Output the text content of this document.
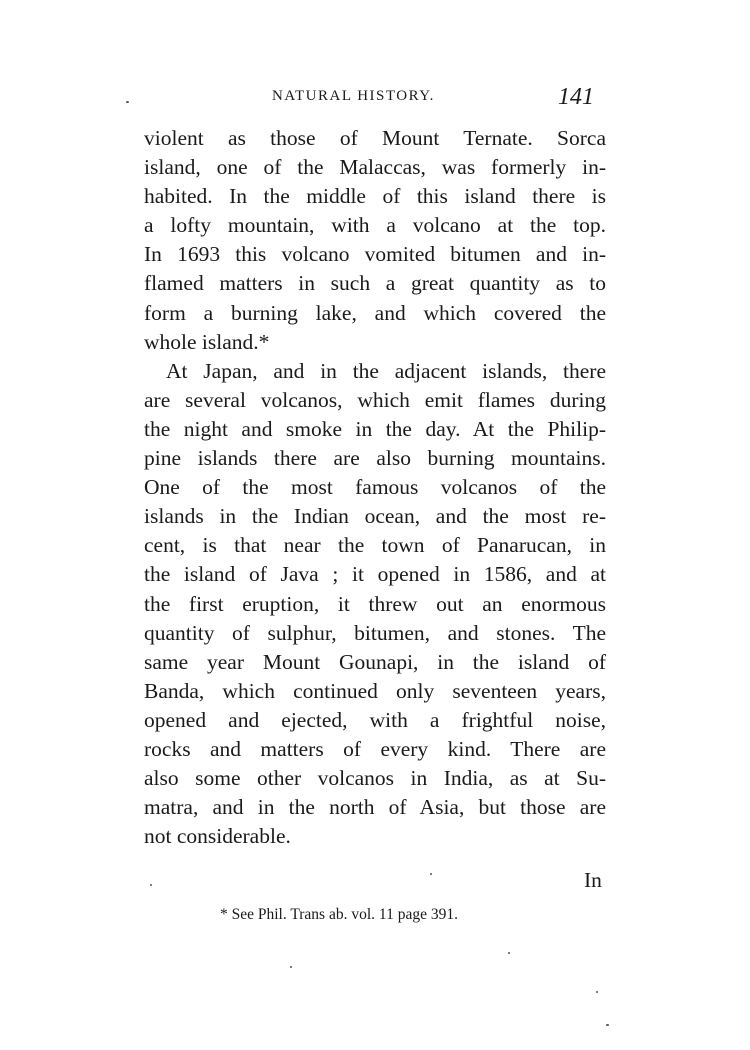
NATURAL HISTORY.	141
violent as those of Mount Ternate. Sorca
island, one of the Malaccas, was formerly in-
habited. In the middle of this island there is
a lofty mountain, with a volcano at the top.
In 1693 this volcano vomited bitumen and in-
flamed matters in such a great quantity as to
form a burning lake, and which covered the
whole island.*
At Japan, and in the adjacent islands, there
are several volcanos, which emit flames during
the night and smoke in the day. At the Philip-
pine islands there are also burning mountains.
One of the most famous volcanos of the
islands in the Indian ocean, and the most re-
cent, is that near the town of Panarucan, in
the island of Java ; it opened in 1586, and at
the first eruption, it threw out an enormous
quantity of sulphur, bitumen, and stones. The
same year Mount Gounapi, in the island of
Banda, which continued only seventeen years,
opened and ejected, with a frightful noise,
rocks and matters of every kind. There are
also some other volcanos in India, as at Su-
matra, and in the north of Asia, but those are
not considerable.
In
* See Phil. Trans ab. vol. 11 page 391.
